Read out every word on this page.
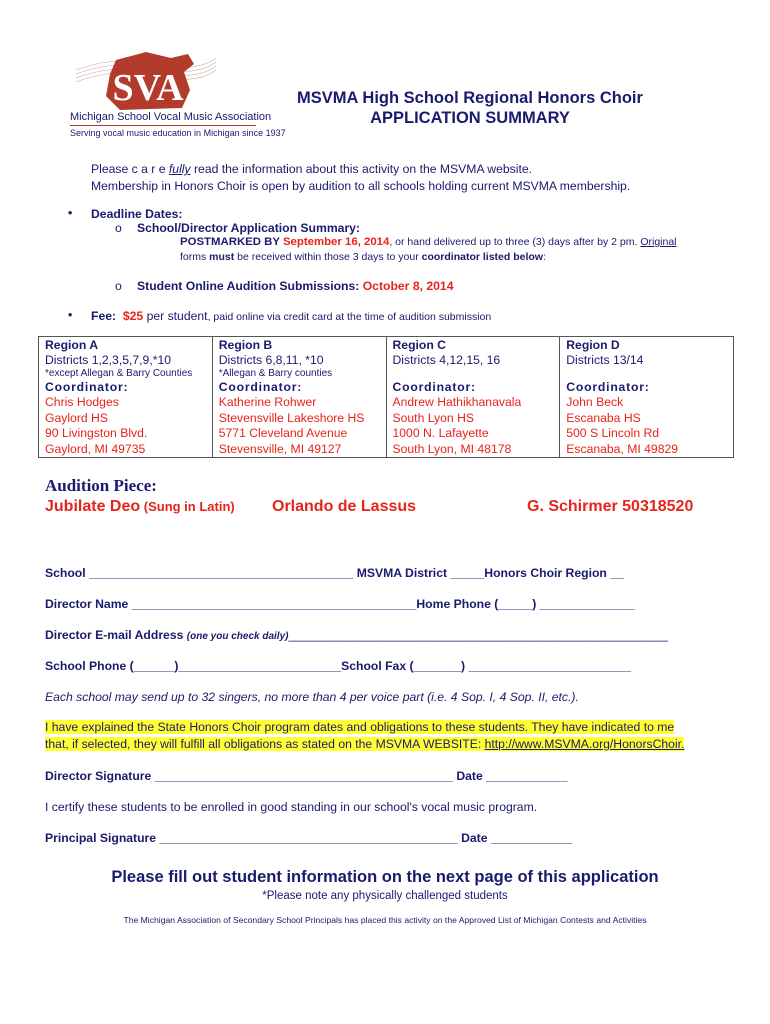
SVA
Michigan School Vocal Music Association
Serving vocal music education in Michigan since 1937
MSVMA High School Regional Honors Choir
APPLICATION SUMMARY
Please c a r e fully read the information about this activity on the MSVMA website.
Membership in Honors Choir is open by audition to all schools holding current MSVMA membership.
• Deadline Dates:
o School/Director Application Summary:
POSTMARKED BY September 16, 2014, or hand delivered up to three (3) days after by 2 pm. Original
forms must be received within those 3 days to your coordinator listed below:
o Student Online Audition Submissions: October 8, 2014
• Fee: $25 per student, paid online via credit card at the time of audition submission
Region A	Region B	Region C	Region D
Districts 1,2,3,5,7,9,*10	Districts 6,8,11, *10	Districts 4,12,15, 16	Districts 13/14
*except Allegan & Barry Counties	*Allegan & Barry counties		
Coordinator:	Coordinator:	Coordinator:	Coordinator:

Chris Hodges
Gaylord HS
90 Livingston Blvd.
Gaylord, MI 49735	Katherine Rohwer
Stevensville Lakeshore HS
5771 Cleveland Avenue
Stevensville, MI 49127	Andrew Hathikhanavala
South Lyon HS
1000 N. Lafayette
South Lyon, MI 48178	John Beck
Escanaba HS
500 S Lincoln Rd
Escanaba, MI 49829
Audition Piece:
Jubilate Deo (Sung in Latin) Orlando de Lassus	G. Schirmer 50318520
School _______________________________________ MSVMA District _____Honors Choir Region __
Director Name __________________________________________Home Phone (_____) ______________
Director E-mail Address (one you check daily)________________________________________________________
School Phone (______)________________________School Fax (_______) ________________________
Each school may send up to 32 singers, no more than 4 per voice part (i.e. 4 Sop. I, 4 Sop. II, etc.).
I have explained the State Honors Choir program dates and obligations to these students. They have indicated to me
that, if selected, they will fulfill all obligations as stated on the MSVMA WEBSITE: http://www.MSVMA.org/HonorsChoir.
Director Signature ____________________________________________ Date ____________
I certify these students to be enrolled in good standing in our school's vocal music program.
Principal Signature ____________________________________________ Date ____________
Please fill out student information on the next page of this application
*Please note any physically challenged students
The Michigan Association of Secondary School Principals has placed this activity on the Approved List of Michigan Contests and Activities
